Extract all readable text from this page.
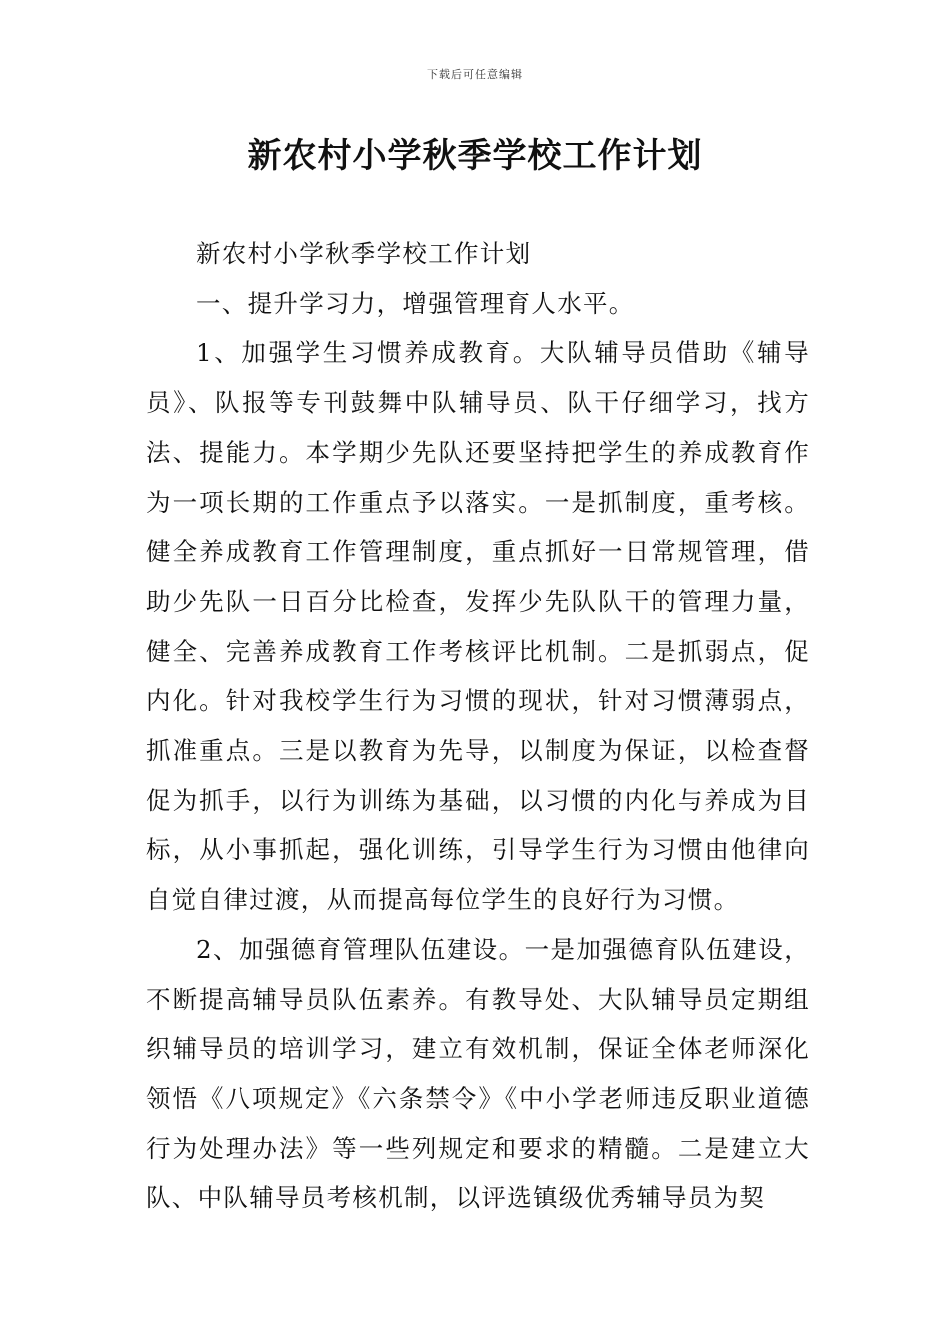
下载后可任意编辑
新农村小学秋季学校工作计划

新农村小学秋季学校工作计划

一、提升学习力，增强管理育人水平。

1、加强学生习惯养成教育。大队辅导员借助《辅导员》、队报等专刊鼓舞中队辅导员、队干仔细学习，找方法、提能力。本学期少先队还要坚持把学生的养成教育作为一项长期的工作重点予以落实。一是抓制度，重考核。健全养成教育工作管理制度，重点抓好一日常规管理，借助少先队一日百分比检查，发挥少先队队干的管理力量，健全、完善养成教育工作考核评比机制。二是抓弱点，促内化。针对我校学生行为习惯的现状，针对习惯薄弱点，抓准重点。三是以教育为先导，以制度为保证，以检查督促为抓手，以行为训练为基础，以习惯的内化与养成为目标，从小事抓起，强化训练，引导学生行为习惯由他律向自觉自律过渡，从而提高每位学生的良好行为习惯。

2、加强德育管理队伍建设。一是加强德育队伍建设，不断提高辅导员队伍素养。有教导处、大队辅导员定期组织辅导员的培训学习，建立有效机制，保证全体老师深化领悟《八项规定》《六条禁令》《中小学老师违反职业道德行为处理办法》等一些列规定和要求的精髓。二是建立大队、中队辅导员考核机制，以评选镇级优秀辅导员为契
